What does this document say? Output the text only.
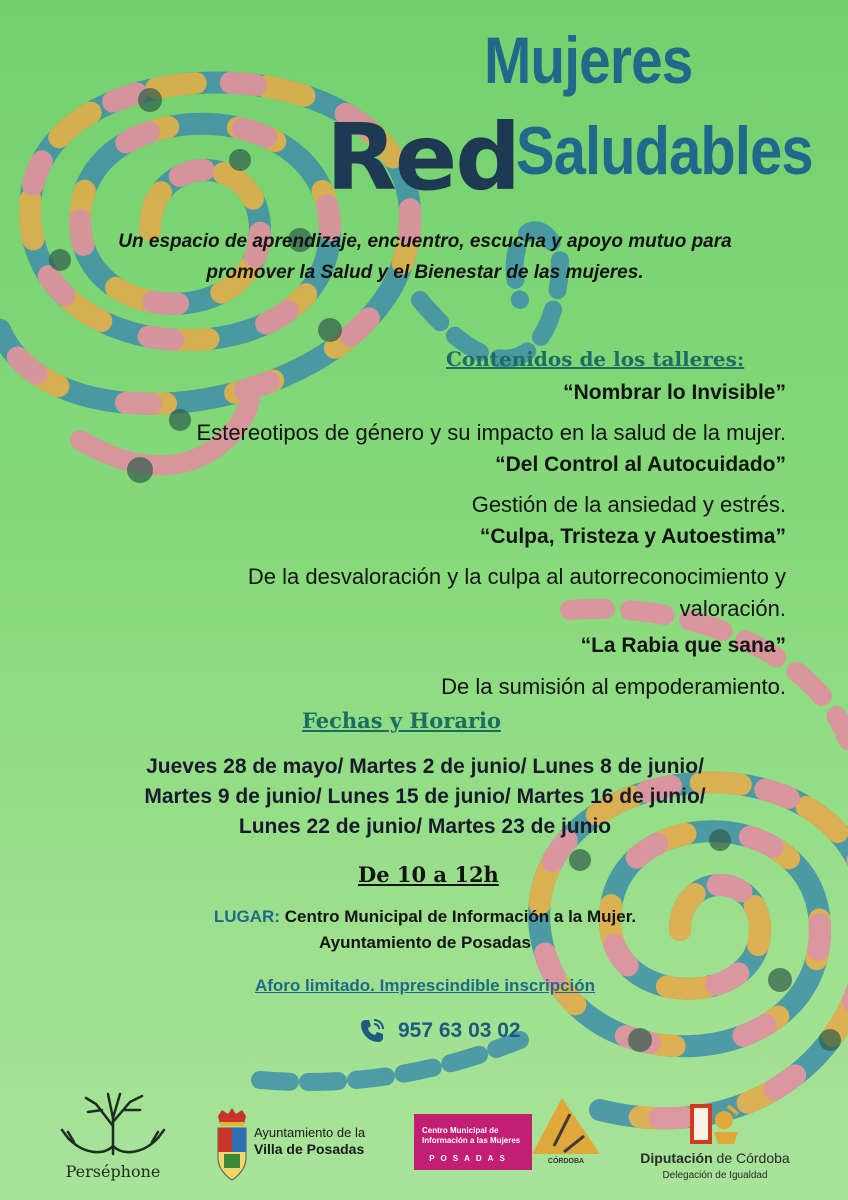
Mujeres
Red
Saludables
Un espacio de aprendizaje, encuentro, escucha y apoyo mutuo para
promover la Salud y el Bienestar de las mujeres.
Contenidos de los talleres:
“Nombrar lo Invisible”
Estereotipos de género y su impacto en la salud de la mujer.
“Del Control al Autocuidado”
Gestión de la ansiedad y estrés.
“Culpa, Tristeza y Autoestima”
De la desvaloración y la culpa al autorreconocimiento y
valoración.
“La Rabia que sana”
De la sumisión al empoderamiento.
Fechas y Horario
Jueves 28 de mayo/ Martes 2 de junio/ Lunes 8 de junio/
Martes 9 de junio/ Lunes 15 de junio/ Martes 16 de junio/
Lunes 22 de junio/ Martes 23 de junio
De 10 a 12h
LUGAR: Centro Municipal de Información a la Mujer.
Ayuntamiento de Posadas
Aforo limitado. Imprescindible inscripción
957 63 03 02
Perséphone
Ayuntamiento de la
Villa de Posadas
Centro Municipal de
Información a las Mujeres
POSADAS	CÓRDOBA	Diputación de Córdoba
Delegación de Igualdad
